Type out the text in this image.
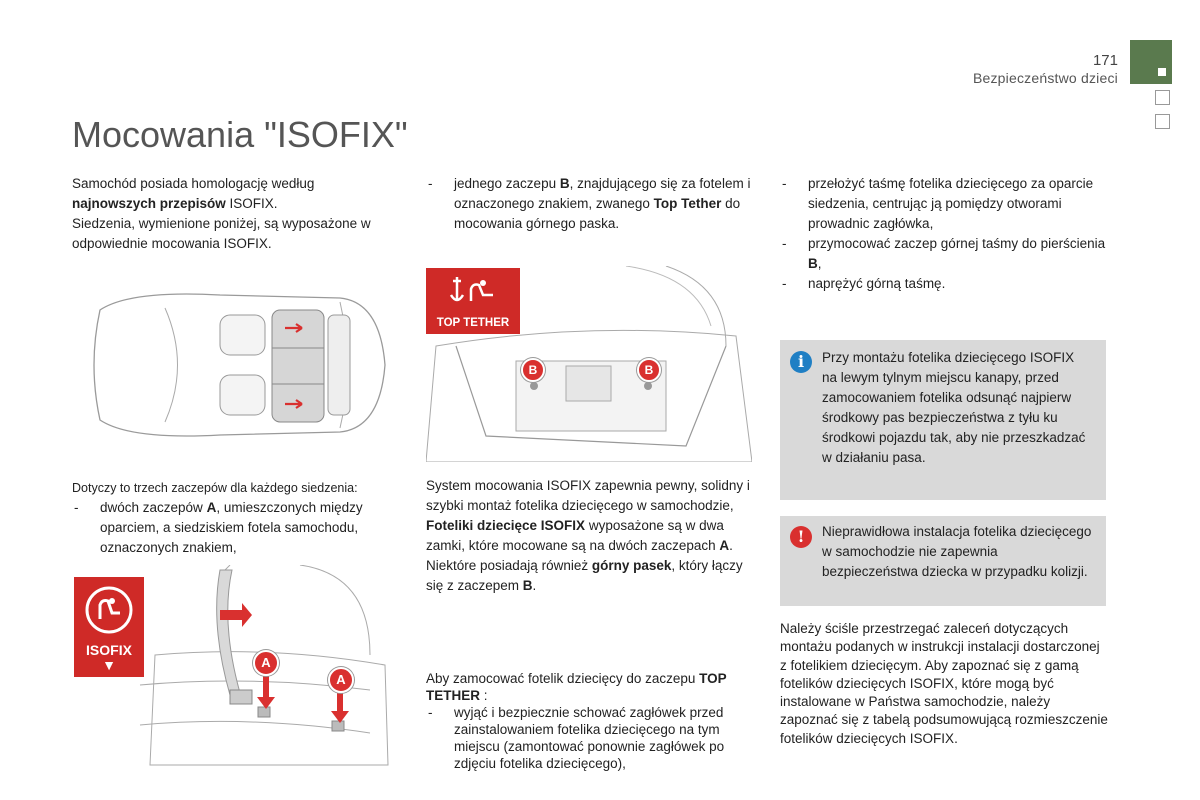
171
Bezpieczeństwo dzieci
Mocowania "ISOFIX"

Samochód posiada homologację według najnowszych przepisów ISOFIX.

Siedzenia, wymienione poniżej, są wyposażone w odpowiednie mocowania ISOFIX.

Dotyczy to trzech zaczepów dla każdego siedzenia:

- dwóch zaczepów A, umieszczonych między oparciem, a siedziskiem fotela samochodu, oznaczonych znakiem,
ISOFIX
▼	A
A
- jednego zaczepu B, znajdującego się za fotelem i oznaczonego znakiem, zwanego Top Tether do mocowania górnego paska.
TOP TETHER
B	B

System mocowania ISOFIX zapewnia pewny, solidny i szybki montaż fotelika dziecięcego w samochodzie,

Foteliki dziecięce ISOFIX wyposażone są w dwa zamki, które mocowane są na dwóch zaczepach A.

Niektóre posiadają również górny pasek, który łączy się z zaczepem B.

Aby zamocować fotelik dziecięcy do zaczepu TOP TETHER :

- wyjąć i bezpiecznie schować zagłówek przed zainstalowaniem fotelika dziecięcego na tym miejscu (zamontować ponownie zagłówek po zdjęciu fotelika dziecięcego),
- przełożyć taśmę fotelika dziecięcego za oparcie siedzenia, centrując ją pomiędzy otworami prowadnic zagłówka,
- przymocować zaczep górnej taśmy do pierścienia B,
- naprężyć górną taśmę.
i	Przy montażu fotelika dziecięcego ISOFIX na lewym tylnym miejscu kanapy, przed zamocowaniem fotelika odsunąć najpierw środkowy pas bezpieczeństwa z tyłu ku środkowi pojazdu tak, aby nie przeszkadzać w działaniu pasa.
!	Nieprawidłowa instalacja fotelika dziecięcego w samochodzie nie zapewnia bezpieczeństwa dziecka w przypadku kolizji.
Należy ściśle przestrzegać zaleceń dotyczących montażu podanych w instrukcji instalacji dostarczonej z fotelikiem dziecięcym. Aby zapoznać się z gamą fotelików dziecięcych ISOFIX, które mogą być instalowane w Państwa samochodzie, należy zapoznać się z tabelą podsumowującą rozmieszczenie fotelików dziecięcych ISOFIX.
